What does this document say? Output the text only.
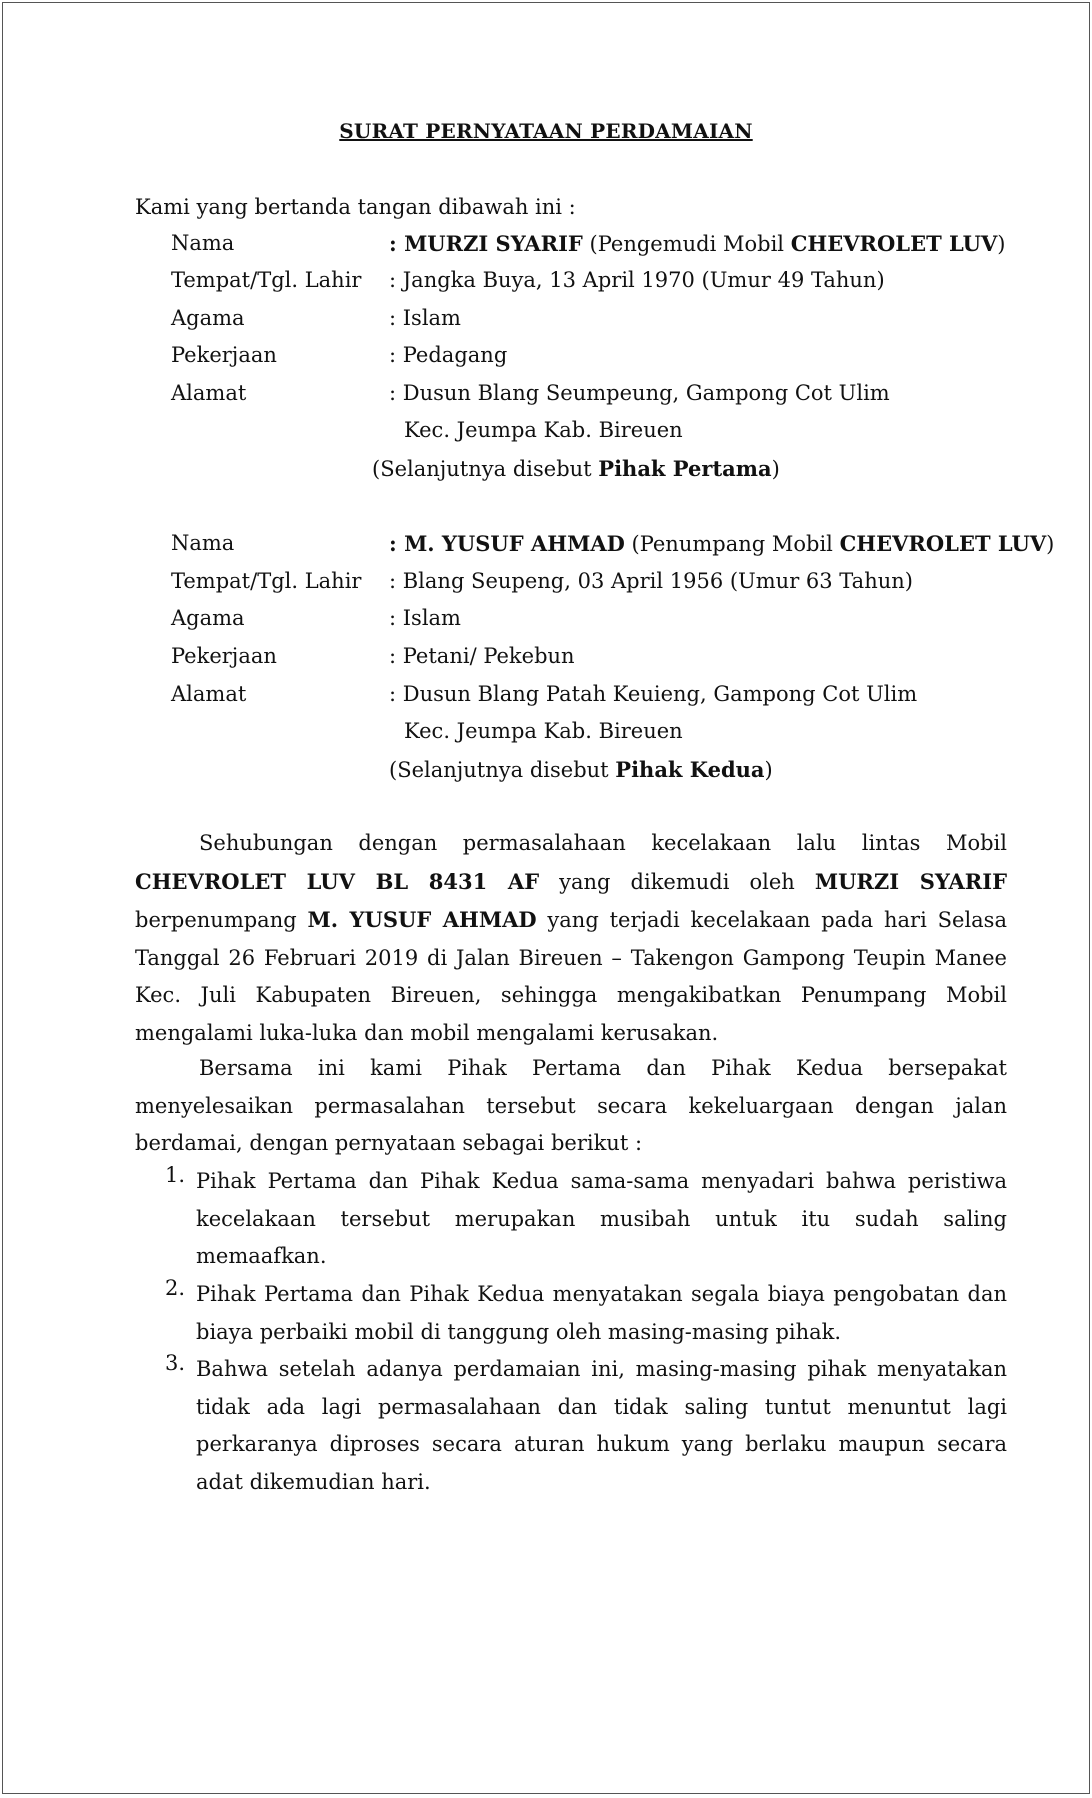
SURAT PERNYATAAN PERDAMAIAN
Kami yang bertanda tangan dibawah ini :
Nama	: MURZI SYARIF (Pengemudi Mobil CHEVROLET LUV)
Tempat/Tgl. Lahir : Jangka Buya, 13 April 1970 (Umur 49 Tahun)
Agama	: Islam
Pekerjaan	: Pedagang
Alamat	: Dusun Blang Seumpeung, Gampong Cot Ulim
Kec. Jeumpa Kab. Bireuen
(Selanjutnya disebut Pihak Pertama)
Nama	: M. YUSUF AHMAD (Penumpang Mobil CHEVROLET LUV)
Tempat/Tgl. Lahir : Blang Seupeng, 03 April 1956 (Umur 63 Tahun)
Agama	: Islam
Pekerjaan	: Petani/ Pekebun
Alamat	: Dusun Blang Patah Keuieng, Gampong Cot Ulim
Kec. Jeumpa Kab. Bireuen
(Selanjutnya disebut Pihak Kedua)
Sehubungan dengan permasalahaan kecelakaan lalu lintas Mobil CHEVROLET LUV BL 8431 AF yang dikemudi oleh MURZI SYARIF berpenumpang M. YUSUF AHMAD yang terjadi kecelakaan pada hari Selasa Tanggal 26 Februari 2019 di Jalan Bireuen – Takengon Gampong Teupin Manee Kec. Juli Kabupaten Bireuen, sehingga mengakibatkan Penumpang Mobil mengalami luka-luka dan mobil mengalami kerusakan.
Bersama ini kami Pihak Pertama dan Pihak Kedua bersepakat menyelesaikan permasalahan tersebut secara kekeluargaan dengan jalan berdamai, dengan pernyataan sebagai berikut :
1. Pihak Pertama dan Pihak Kedua sama-sama menyadari bahwa peristiwa kecelakaan tersebut merupakan musibah untuk itu sudah saling memaafkan.
2. Pihak Pertama dan Pihak Kedua menyatakan segala biaya pengobatan dan biaya perbaiki mobil di tanggung oleh masing-masing pihak.
3. Bahwa setelah adanya perdamaian ini, masing-masing pihak menyatakan tidak ada lagi permasalahaan dan tidak saling tuntut menuntut lagi perkaranya diproses secara aturan hukum yang berlaku maupun secara adat dikemudian hari.
